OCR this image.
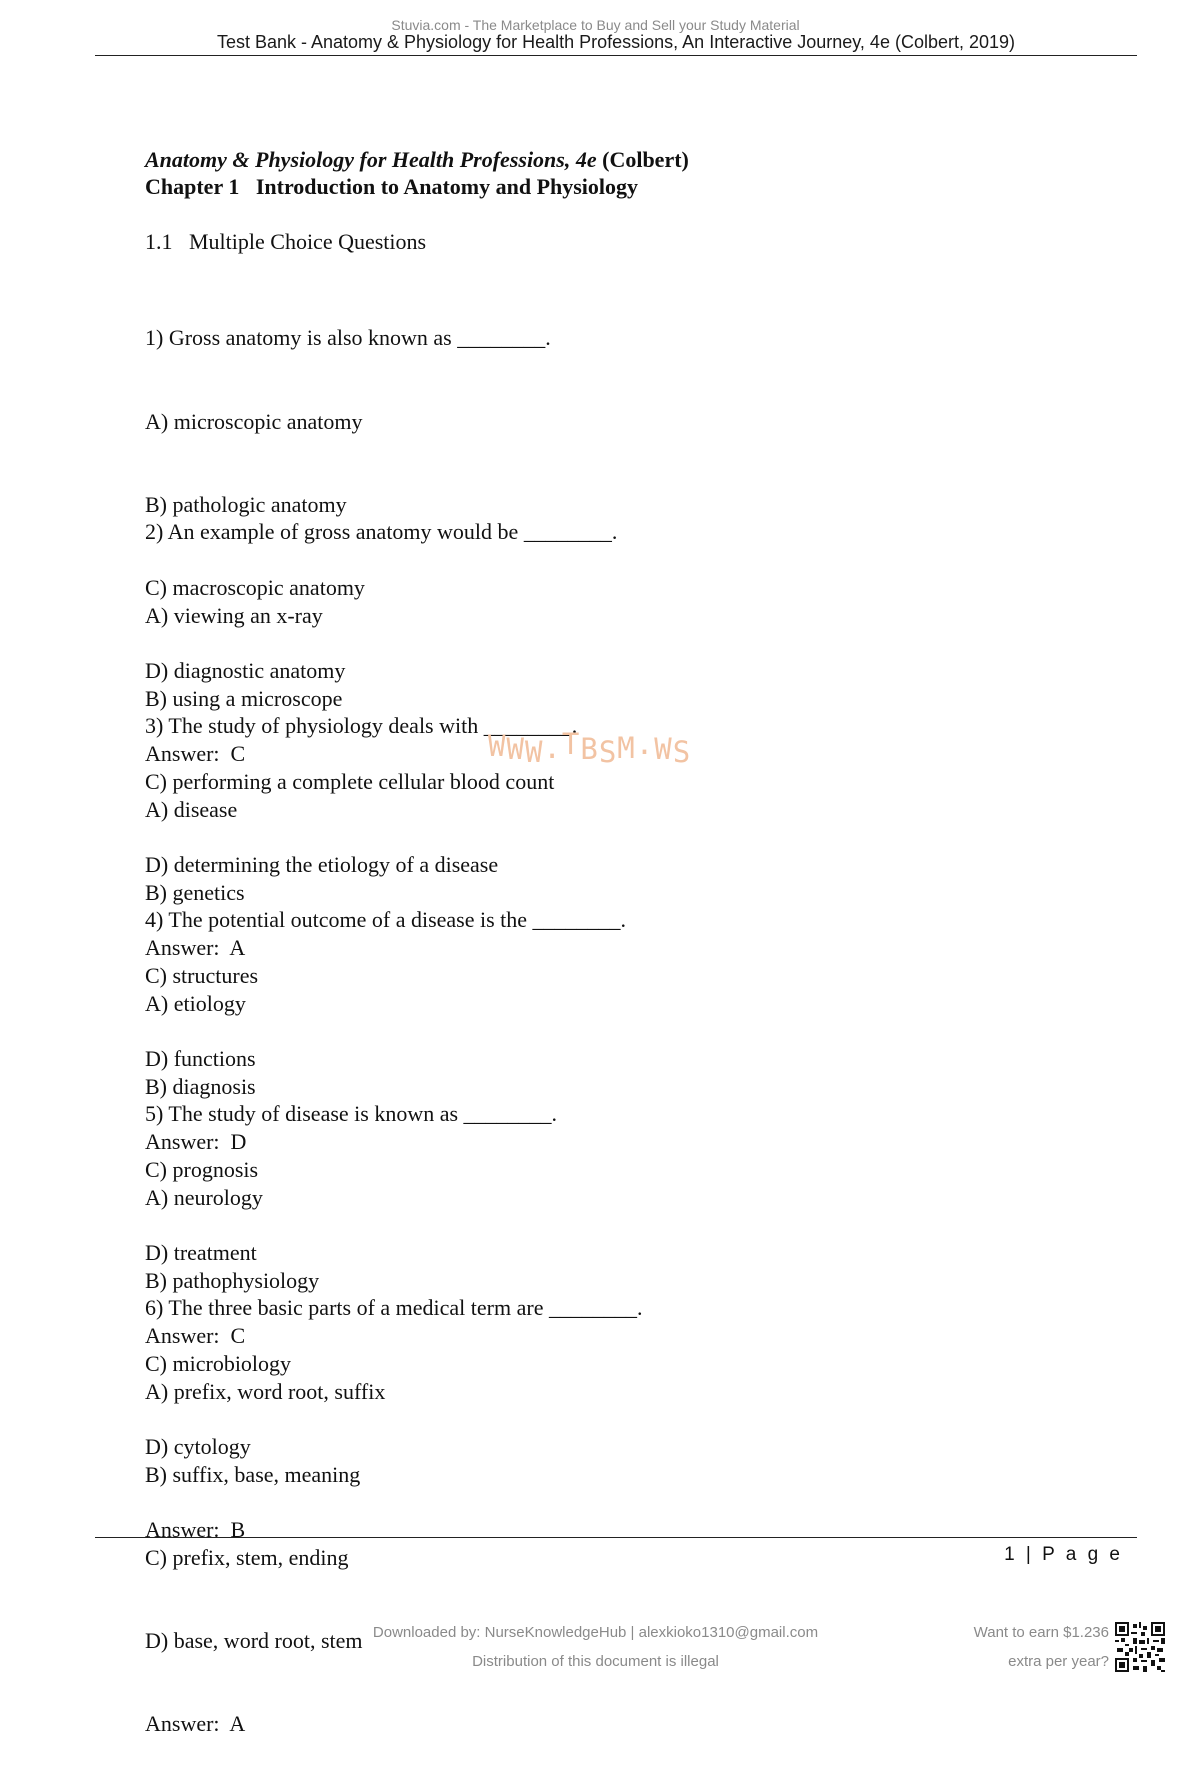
Stuvia.com - The Marketplace to Buy and Sell your Study Material
Test Bank - Anatomy & Physiology for Health Professions, An Interactive Journey, 4e (Colbert, 2019)
Anatomy & Physiology for Health Professions, 4e (Colbert)
Chapter 1   Introduction to Anatomy and Physiology
1.1   Multiple Choice Questions

1) Gross anatomy is also known as ________.

A) microscopic anatomy

B) pathologic anatomy

C) macroscopic anatomy

D) diagnostic anatomy

Answer:  C

2) An example of gross anatomy would be ________.

A) viewing an x-ray

B) using a microscope

C) performing a complete cellular blood count

D) determining the etiology of a disease

Answer:  A

3) The study of physiology deals with ________.

A) disease

B) genetics

C) structures

D) functions

Answer:  D

4) The potential outcome of a disease is the ________.

A) etiology

B) diagnosis

C) prognosis

D) treatment

Answer:  C

5) The study of disease is known as ________.

A) neurology

B) pathophysiology

C) microbiology

D) cytology

Answer:  B

6) The three basic parts of a medical term are ________.

A) prefix, word root, suffix

B) suffix, base, meaning

C) prefix, stem, ending

D) base, word root, stem

Answer:  A

WWW.TBSM.WS
1 | P a g e
Downloaded by: NurseKnowledgeHub | alexkioko1310@gmail.com
Distribution of this document is illegal
Want to earn $1.236
extra per year?
